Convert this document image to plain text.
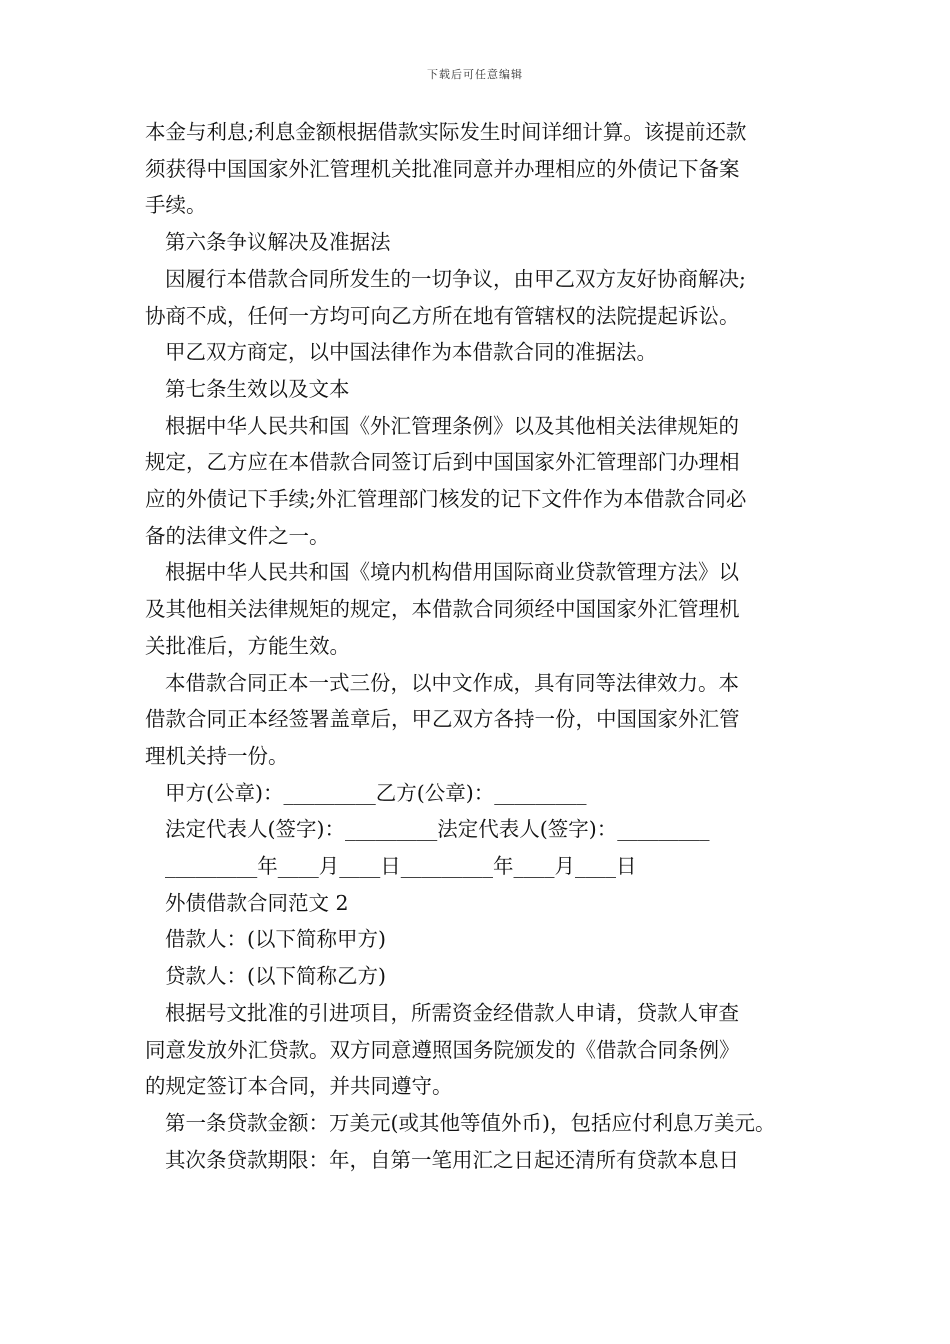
下载后可任意编辑

本金与利息;利息金额根据借款实际发生时间详细计算。该提前还款

须获得中国国家外汇管理机关批准同意并办理相应的外债记下备案

手续。

第六条争议解决及准据法

因履行本借款合同所发生的一切争议，由甲乙双方友好协商解决;

协商不成，任何一方均可向乙方所在地有管辖权的法院提起诉讼。

甲乙双方商定，以中国法律作为本借款合同的准据法。

第七条生效以及文本

根据中华人民共和国《外汇管理条例》以及其他相关法律规矩的

规定，乙方应在本借款合同签订后到中国国家外汇管理部门办理相

应的外债记下手续;外汇管理部门核发的记下文件作为本借款合同必

备的法律文件之一。

根据中华人民共和国《境内机构借用国际商业贷款管理方法》以

及其他相关法律规矩的规定，本借款合同须经中国国家外汇管理机

关批准后，方能生效。

本借款合同正本一式三份，以中文作成，具有同等法律效力。本

借款合同正本经签署盖章后，甲乙双方各持一份，中国国家外汇管

理机关持一份。

甲方(公章)：_________乙方(公章)：_________

法定代表人(签字)：_________法定代表人(签字)：_________

_________年____月____日_________年____月____日

外债借款合同范文 2

借款人：(以下简称甲方)

贷款人：(以下简称乙方)

根据号文批准的引进项目，所需资金经借款人申请，贷款人审查

同意发放外汇贷款。双方同意遵照国务院颁发的《借款合同条例》

的规定签订本合同，并共同遵守。

第一条贷款金额：万美元(或其他等值外币)，包括应付利息万美元。

其次条贷款期限：年，自第一笔用汇之日起还清所有贷款本息日
